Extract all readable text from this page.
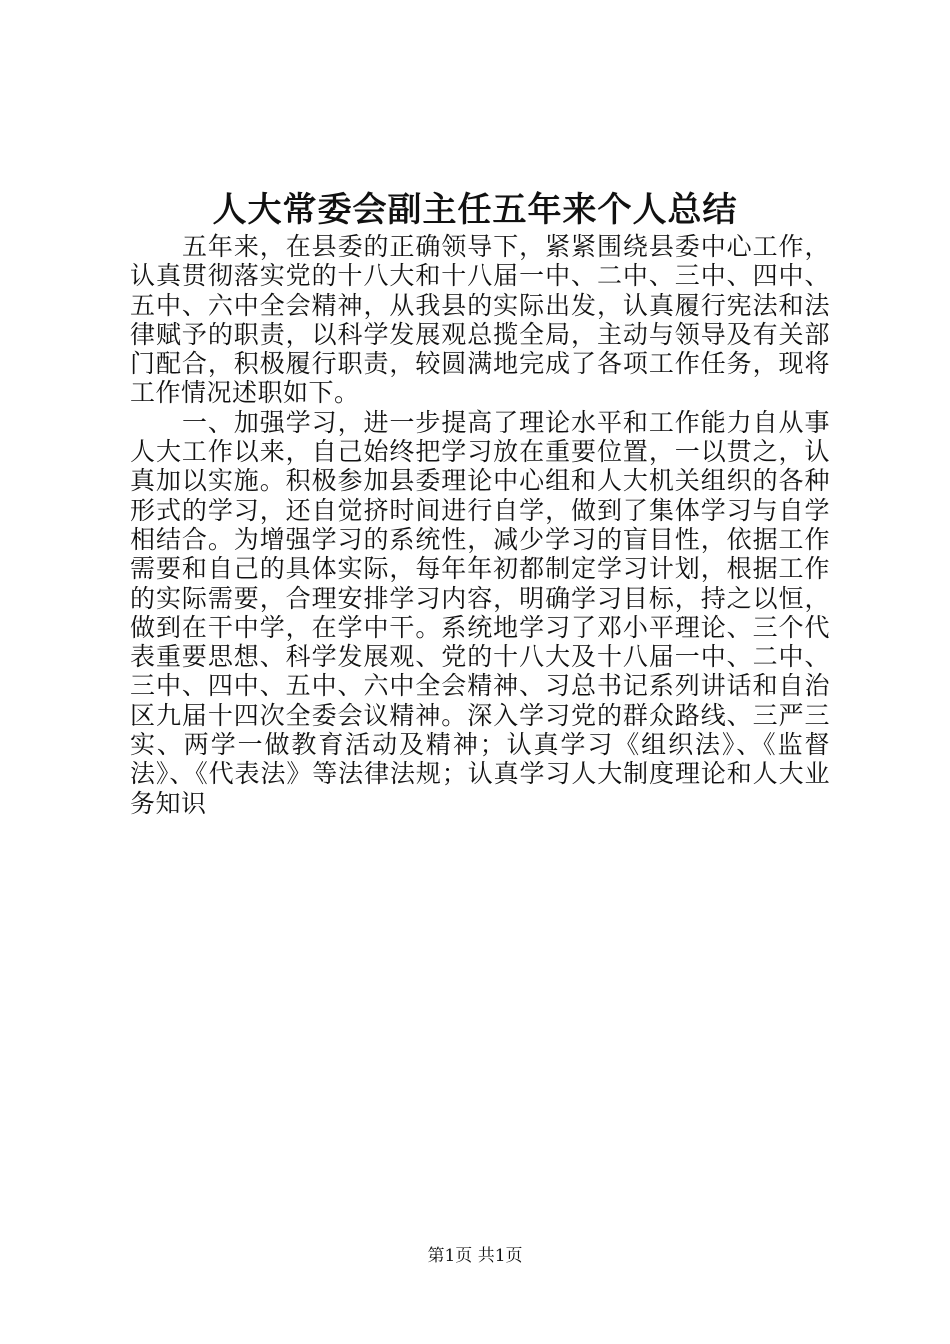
人大常委会副主任五年来个人总结

五年来，在县委的正确领导下，紧紧围绕县委中心工作，认真贯彻落实党的十八大和十八届一中、二中、三中、四中、五中、六中全会精神，从我县的实际出发，认真履行宪法和法律赋予的职责，以科学发展观总揽全局，主动与领导及有关部门配合，积极履行职责，较圆满地完成了各项工作任务，现将工作情况述职如下。

一、加强学习，进一步提高了理论水平和工作能力自从事人大工作以来，自己始终把学习放在重要位置，一以贯之，认真加以实施。积极参加县委理论中心组和人大机关组织的各种形式的学习，还自觉挤时间进行自学，做到了集体学习与自学相结合。为增强学习的系统性，减少学习的盲目性，依据工作需要和自己的具体实际，每年年初都制定学习计划，根据工作的实际需要，合理安排学习内容，明确学习目标，持之以恒，做到在干中学，在学中干。系统地学习了邓小平理论、三个代表重要思想、科学发展观、党的十八大及十八届一中、二中、三中、四中、五中、六中全会精神、习总书记系列讲话和自治区九届十四次全委会议精神。深入学习党的群众路线、三严三实、两学一做教育活动及精神；认真学习《组织法》、《监督法》、《代表法》等法律法规；认真学习人大制度理论和人大业务知识

第1页 共1页
